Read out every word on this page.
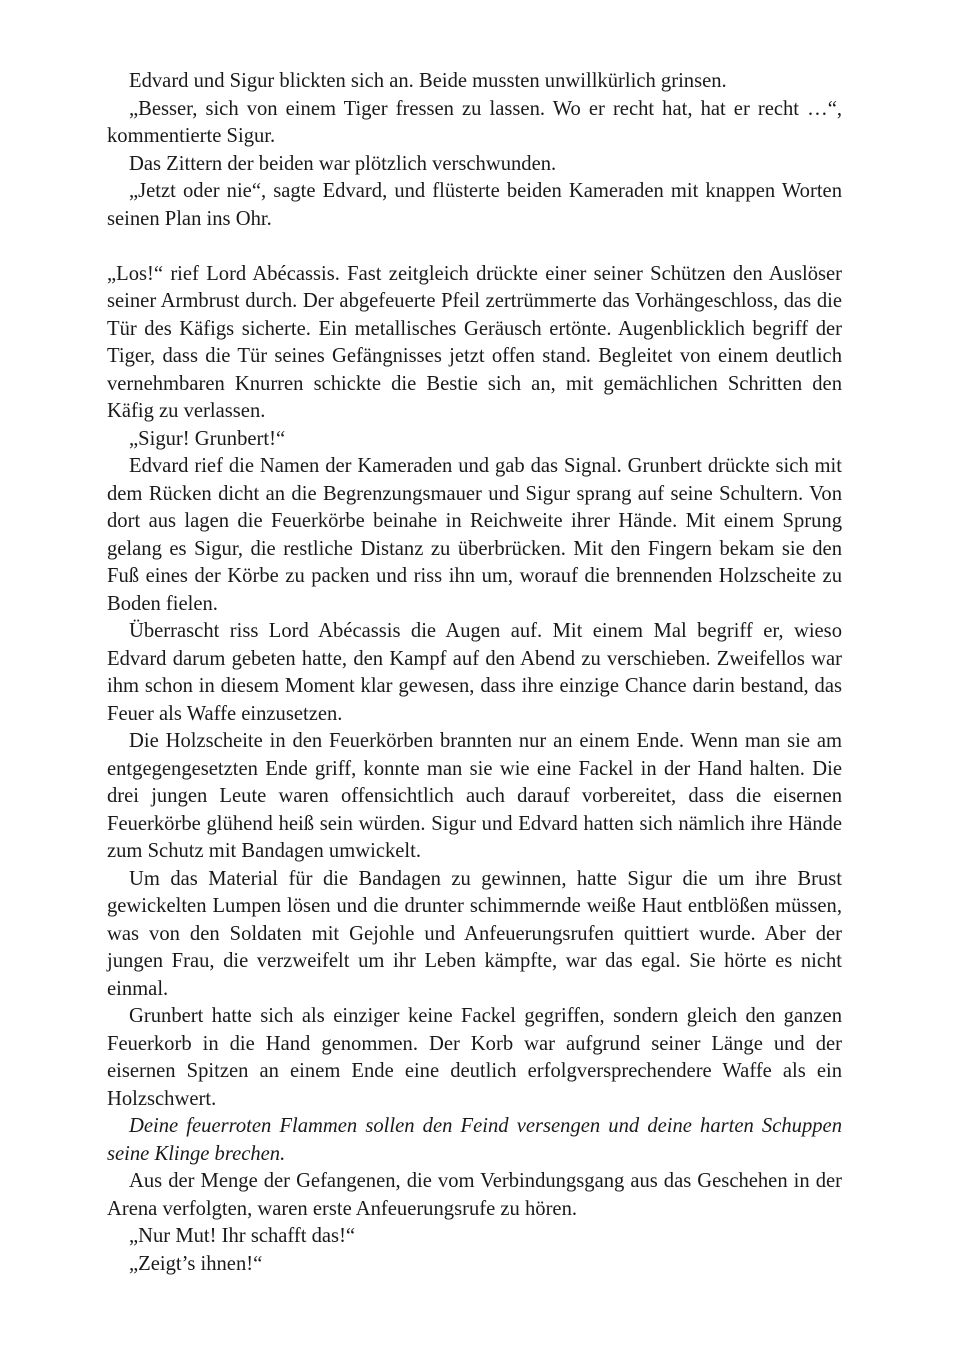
Edvard und Sigur blickten sich an. Beide mussten unwillkürlich grinsen.

„Besser, sich von einem Tiger fressen zu lassen. Wo er recht hat, hat er recht …“, kommentierte Sigur.

Das Zittern der beiden war plötzlich verschwunden.

„Jetzt oder nie“, sagte Edvard, und flüsterte beiden Kameraden mit knappen Worten seinen Plan ins Ohr.

„Los!“ rief Lord Abécassis. Fast zeitgleich drückte einer seiner Schützen den Auslöser seiner Armbrust durch. Der abgefeuerte Pfeil zertrümmerte das Vorhängeschloss, das die Tür des Käfigs sicherte. Ein metallisches Geräusch ertönte. Augenblicklich begriff der Tiger, dass die Tür seines Gefängnisses jetzt offen stand. Begleitet von einem deutlich vernehmbaren Knurren schickte die Bestie sich an, mit gemächlichen Schritten den Käfig zu verlassen.

„Sigur! Grunbert!“

Edvard rief die Namen der Kameraden und gab das Signal. Grunbert drückte sich mit dem Rücken dicht an die Begrenzungsmauer und Sigur sprang auf seine Schultern. Von dort aus lagen die Feuerkörbe beinahe in Reichweite ihrer Hände. Mit einem Sprung gelang es Sigur, die restliche Distanz zu überbrücken. Mit den Fingern bekam sie den Fuß eines der Körbe zu packen und riss ihn um, worauf die brennenden Holzscheite zu Boden fielen.

Überrascht riss Lord Abécassis die Augen auf. Mit einem Mal begriff er, wieso Edvard darum gebeten hatte, den Kampf auf den Abend zu verschieben. Zweifellos war ihm schon in diesem Moment klar gewesen, dass ihre einzige Chance darin bestand, das Feuer als Waffe einzusetzen.

Die Holzscheite in den Feuerkörben brannten nur an einem Ende. Wenn man sie am entgegengesetzten Ende griff, konnte man sie wie eine Fackel in der Hand halten. Die drei jungen Leute waren offensichtlich auch darauf vorbereitet, dass die eisernen Feuerkörbe glühend heiß sein würden. Sigur und Edvard hatten sich nämlich ihre Hände zum Schutz mit Bandagen umwickelt.

Um das Material für die Bandagen zu gewinnen, hatte Sigur die um ihre Brust gewickelten Lumpen lösen und die drunter schimmernde weiße Haut entblößen müssen, was von den Soldaten mit Gejohle und Anfeuerungsrufen quittiert wurde. Aber der jungen Frau, die verzweifelt um ihr Leben kämpfte, war das egal. Sie hörte es nicht einmal.

Grunbert hatte sich als einziger keine Fackel gegriffen, sondern gleich den ganzen Feuerkorb in die Hand genommen. Der Korb war aufgrund seiner Länge und der eisernen Spitzen an einem Ende eine deutlich erfolgversprechendere Waffe als ein Holzschwert.

Deine feuerroten Flammen sollen den Feind versengen und deine harten Schuppen seine Klinge brechen.

Aus der Menge der Gefangenen, die vom Verbindungsgang aus das Geschehen in der Arena verfolgten, waren erste Anfeuerungsrufe zu hören.

„Nur Mut! Ihr schafft das!“

„Zeigt’s ihnen!“
